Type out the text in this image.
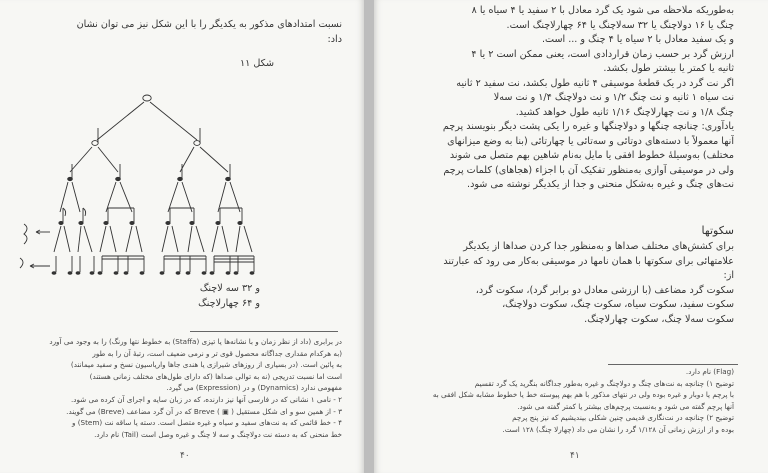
نسبت امتدادهای مذکور به یکدیگر را با این شکل نیز می توان نشان
داد:
شکل ۱۱
و ۳۲ سه لاچنگ
و ۶۴ چهارلاچنگ
در برابری (داد از نظر زمان و با نشانه‌ها یا تیزی (Staffa) به خطوط نتها ورنگ) را به وجود می آورد
(به هرکدام مقداری جداگانه محصول قوی تر و نرمی ضعیف است، رتبهٔ آن را به طور
به پائین است. (در بسیاری از روزهای شیرازی یا هندی جاها واریاسیون نسخ و سفید میمانند)
است اما نسبت تدریجی (نه به توالی صداها (که دارای طول‌های مختلف زمانی هستند)
مفهومی ندارد (Dynamics) و در (Expression) می گیرد.
۲ - نامی ۱ نشانی که در فارسی آنها نیز دارنده، که در زبان سایه و اجرای آن کرده می شود.
۳ - از همین سو و ای شکل مستقیل ( ▣ ) Breve که در آن گرد مضاعف (Breve) می گویند.
۴ - خط قائمی که به نت‌های سفید و سیاه و غیره متصل است. دسته یا ساقه نت (Stem) و
خط منحنی که به دسته نت دولاچنگ و سه لا چنگ و غیره وصل است (Tail) نام دارد.
۴۰
به‌طوریکه ملاحظه می شود یک گرد معادل با ۲ سفید یا ۴ سیاه یا ۸
چنگ یا ۱۶ دولاچنگ یا ۳۲ سه‌لاچنگ یا ۶۴ چهارلاچنگ است.
و یک سفید معادل با ۲ سیاه یا ۴ چنگ و ... است.
ارزش گرد بر حسب زمان قراردادی است، یعنی ممکن است ۲ یا ۴
ثانیه یا کمتر یا بیشتر طول بکشد.
اگر نت گرد در یک قطعهٔ موسیقی ۴ ثانیه طول بکشد، نت سفید ۲ ثانیه
نت سیاه ۱ ثانیه و نت چنگ ۱/۲ و نت دولاچنگ ۱/۴ و نت سه‌لا
چنگ ۱/۸ و نت چهارلاچنگ ۱/۱۶ ثانیه طول خواهد کشید.
یادآوری: چنانچه چنگها و دولاچنگها و غیره را یکی پشت دیگر بنویسند پرچم
آنها معمولاً با دسته‌های دوتائی و سه‌تائی یا چهارتائی (بنا به وضع میزانهای
مختلف) به‌وسیلهٔ خطوط افقی یا مایل به‌نام شاهین بهم متصل می شوند
ولی در موسیقی آوازی به‌منظور تفکیک آن با اجزاء (هجاهای) کلمات پرچم
نت‌های چنگ و غیره به‌شکل منحنی و جدا از یکدیگر نوشته می شود.
سکوتها
برای کشش‌های مختلف صداها و به‌منظور جدا کردن صداها از یکدیگر
علامتهائی برای سکوتها با همان نامها در موسیقی به‌کار می رود که عبارتند
از:
سکوت گرد مضاعف (با ارزشی معادل دو برابر گرد)، سکوت گرد،
سکوت سفید، سکوت سیاه، سکوت چنگ، سکوت دولاچنگ،
سکوت سه‌لا چنگ، سکوت چهارلاچنگ.
(Flag) نام دارد.
توضیح ۱) چنانچه به نت‌های چنگ و دولاچنگ و غیره به‌طور جداگانه بنگرید یک گرد تقسیم
با پرچم یا دوبار و غیره بوده ولی در نتهای مذکور با هم بهم پیوسته خط یا خطوط مشابه شکل افقی به
آنها پرچم گفته می شود و به‌نسبت پرچم‌های بیشتر یا کمتر گفته می شود.
توضیح ۲) چنانچه در نت‌نگاری قدیمی چنین شکلی بیندیشیم که نیز پنج پرچم
بوده و از ارزش زمانی آن ۱/۱۲۸ گرد را نشان می داد (چهارلا چنگ) ۱۲۸ است.
۴۱
